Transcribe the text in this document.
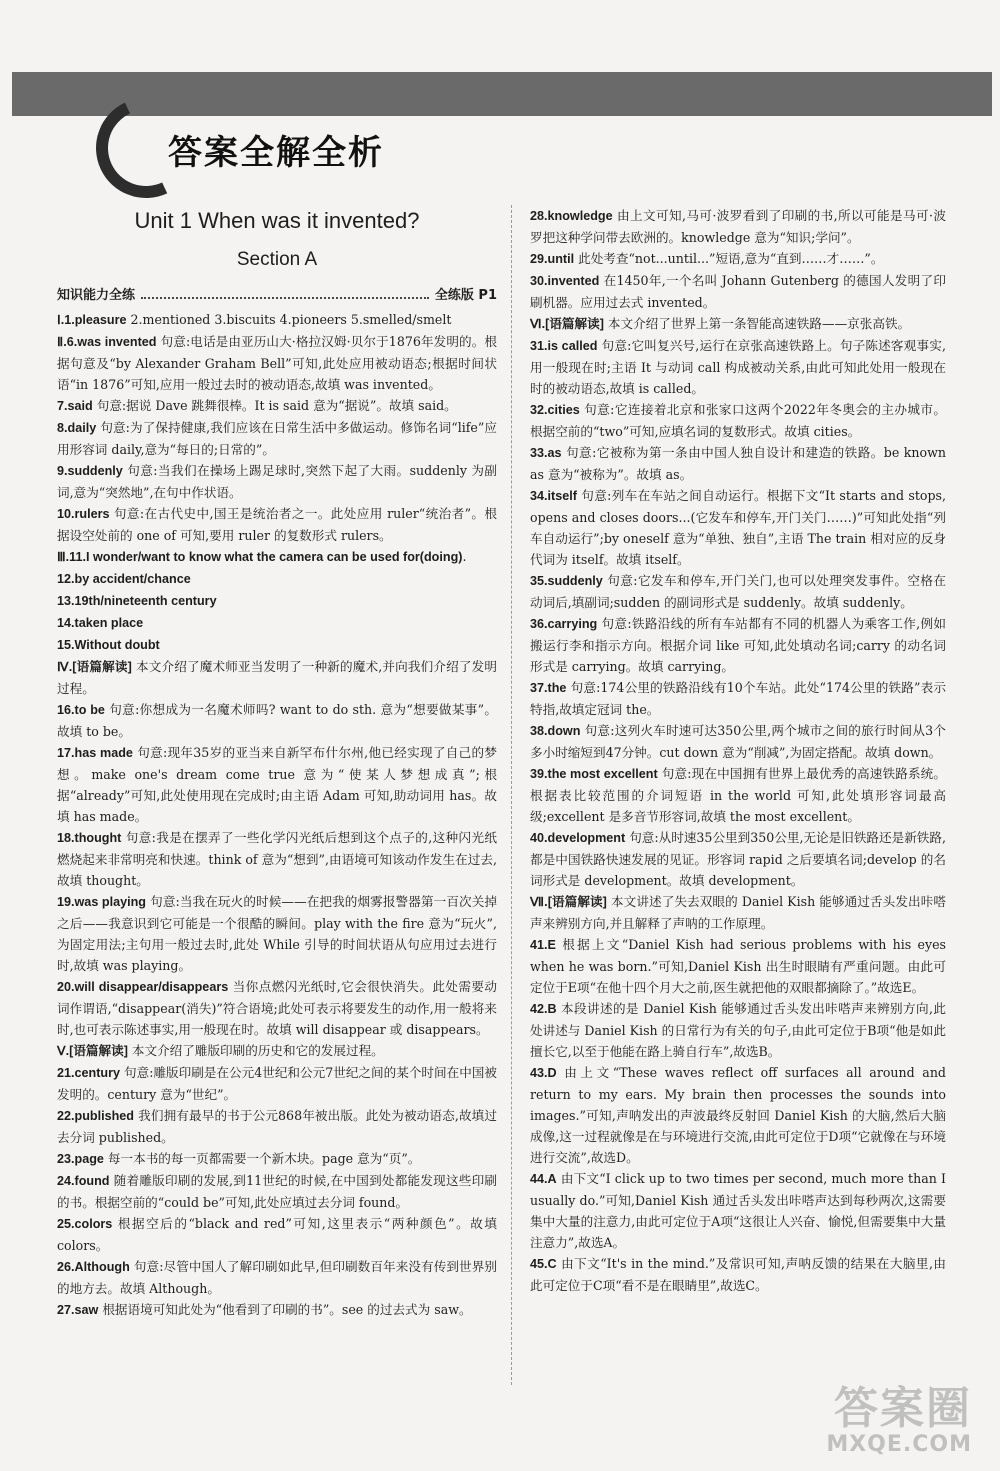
答案全解全析
Unit 1 When was it invented?
Section A
知识能力全练	全练版 P1

Ⅰ.1.pleasure 2.mentioned 3.biscuits 4.pioneers 5.smelled/smelt

Ⅱ.6.was invented 句意:电话是由亚历山大·格拉汉姆·贝尔于1876年发明的。根据句意及“by Alexander Graham Bell”可知,此处应用被动语态;根据时间状语“in 1876”可知,应用一般过去时的被动语态,故填 was invented。

7.said 句意:据说 Dave 跳舞很棒。It is said 意为“据说”。故填 said。

8.daily 句意:为了保持健康,我们应该在日常生活中多做运动。修饰名词“life”应用形容词 daily,意为“每日的;日常的”。

9.suddenly 句意:当我们在操场上踢足球时,突然下起了大雨。suddenly 为副词,意为“突然地”,在句中作状语。

10.rulers 句意:在古代史中,国王是统治者之一。此处应用 ruler“统治者”。根据设空处前的 one of 可知,要用 ruler 的复数形式 rulers。

Ⅲ.11.I wonder/want to know what the camera can be used for(doing).

12.by accident/chance

13.19th/nineteenth century

14.taken place

15.Without doubt

Ⅳ.[语篇解读] 本文介绍了魔术师亚当发明了一种新的魔术,并向我们介绍了发明过程。

16.to be 句意:你想成为一名魔术师吗? want to do sth. 意为“想要做某事”。故填 to be。

17.has made 句意:现年35岁的亚当来自新罕布什尔州,他已经实现了自己的梦想。make one's dream come true 意为“使某人梦想成真”;根据“already”可知,此处使用现在完成时;由主语 Adam 可知,助动词用 has。故填 has made。

18.thought 句意:我是在摆弄了一些化学闪光纸后想到这个点子的,这种闪光纸燃烧起来非常明亮和快速。think of 意为“想到”,由语境可知该动作发生在过去,故填 thought。

19.was playing 句意:当我在玩火的时候——在把我的烟雾报警器第一百次关掉之后——我意识到它可能是一个很酷的瞬间。play with the fire 意为“玩火”,为固定用法;主句用一般过去时,此处 While 引导的时间状语从句应用过去进行时,故填 was playing。

20.will disappear/disappears 当你点燃闪光纸时,它会很快消失。此处需要动词作谓语,“disappear(消失)”符合语境;此处可表示将要发生的动作,用一般将来时,也可表示陈述事实,用一般现在时。故填 will disappear 或 disappears。

Ⅴ.[语篇解读] 本文介绍了雕版印刷的历史和它的发展过程。

21.century 句意:雕版印刷是在公元4世纪和公元7世纪之间的某个时间在中国被发明的。century 意为“世纪”。

22.published 我们拥有最早的书于公元868年被出版。此处为被动语态,故填过去分词 published。

23.page 每一本书的每一页都需要一个新木块。page 意为“页”。

24.found 随着雕版印刷的发展,到11世纪的时候,在中国到处都能发现这些印刷的书。根据空前的“could be”可知,此处应填过去分词 found。

25.colors 根据空后的“black and red”可知,这里表示“两种颜色”。故填 colors。

26.Although 句意:尽管中国人了解印刷如此早,但印刷数百年来没有传到世界别的地方去。故填 Although。

27.saw 根据语境可知此处为“他看到了印刷的书”。see 的过去式为 saw。

28.knowledge 由上文可知,马可·波罗看到了印刷的书,所以可能是马可·波罗把这种学问带去欧洲的。knowledge 意为“知识;学问”。

29.until 此处考查“not...until...”短语,意为“直到……才……”。

30.invented 在1450年,一个名叫 Johann Gutenberg 的德国人发明了印刷机器。应用过去式 invented。

Ⅵ.[语篇解读] 本文介绍了世界上第一条智能高速铁路——京张高铁。

31.is called 句意:它叫复兴号,运行在京张高速铁路上。句子陈述客观事实,用一般现在时;主语 It 与动词 call 构成被动关系,由此可知此处用一般现在时的被动语态,故填 is called。

32.cities 句意:它连接着北京和张家口这两个2022年冬奥会的主办城市。根据空前的“two”可知,应填名词的复数形式。故填 cities。

33.as 句意:它被称为第一条由中国人独自设计和建造的铁路。be known as 意为“被称为”。故填 as。

34.itself 句意:列车在车站之间自动运行。根据下文“It starts and stops, opens and closes doors...(它发车和停车,开门关门……)”可知此处指“列车自动运行”;by oneself 意为“单独、独自”,主语 The train 相对应的反身代词为 itself。故填 itself。

35.suddenly 句意:它发车和停车,开门关门,也可以处理突发事件。空格在动词后,填副词;sudden 的副词形式是 suddenly。故填 suddenly。

36.carrying 句意:铁路沿线的所有车站都有不同的机器人为乘客工作,例如搬运行李和指示方向。根据介词 like 可知,此处填动名词;carry 的动名词形式是 carrying。故填 carrying。

37.the 句意:174公里的铁路沿线有10个车站。此处“174公里的铁路”表示特指,故填定冠词 the。

38.down 句意:这列火车时速可达350公里,两个城市之间的旅行时间从3个多小时缩短到47分钟。cut down 意为“削减”,为固定搭配。故填 down。

39.the most excellent 句意:现在中国拥有世界上最优秀的高速铁路系统。根据表比较范围的介词短语 in the world 可知,此处填形容词最高级;excellent 是多音节形容词,故填 the most excellent。

40.development 句意:从时速35公里到350公里,无论是旧铁路还是新铁路,都是中国铁路快速发展的见证。形容词 rapid 之后要填名词;develop 的名词形式是 development。故填 development。

Ⅶ.[语篇解读] 本文讲述了失去双眼的 Daniel Kish 能够通过舌头发出咔嗒声来辨别方向,并且解释了声呐的工作原理。

41.E 根据上文“Daniel Kish had serious problems with his eyes when he was born.”可知,Daniel Kish 出生时眼睛有严重问题。由此可定位于E项“在他十四个月大之前,医生就把他的双眼都摘除了。”故选E。

42.B 本段讲述的是 Daniel Kish 能够通过舌头发出咔嗒声来辨别方向,此处讲述与 Daniel Kish 的日常行为有关的句子,由此可定位于B项“他是如此擅长它,以至于他能在路上骑自行车”,故选B。

43.D 由上文“These waves reflect off surfaces all around and return to my ears. My brain then processes the sounds into images.”可知,声呐发出的声波最终反射回 Daniel Kish 的大脑,然后大脑成像,这一过程就像是在与环境进行交流,由此可定位于D项“它就像在与环境进行交流”,故选D。

44.A 由下文“I click up to two times per second, much more than I usually do.”可知,Daniel Kish 通过舌头发出咔嗒声达到每秒两次,这需要集中大量的注意力,由此可定位于A项“这很让人兴奋、愉悦,但需要集中大量注意力”,故选A。

45.C 由下文“It's in the mind.”及常识可知,声呐反馈的结果在大脑里,由此可定位于C项“看不是在眼睛里”,故选C。

答案圈
MXQE.COM
